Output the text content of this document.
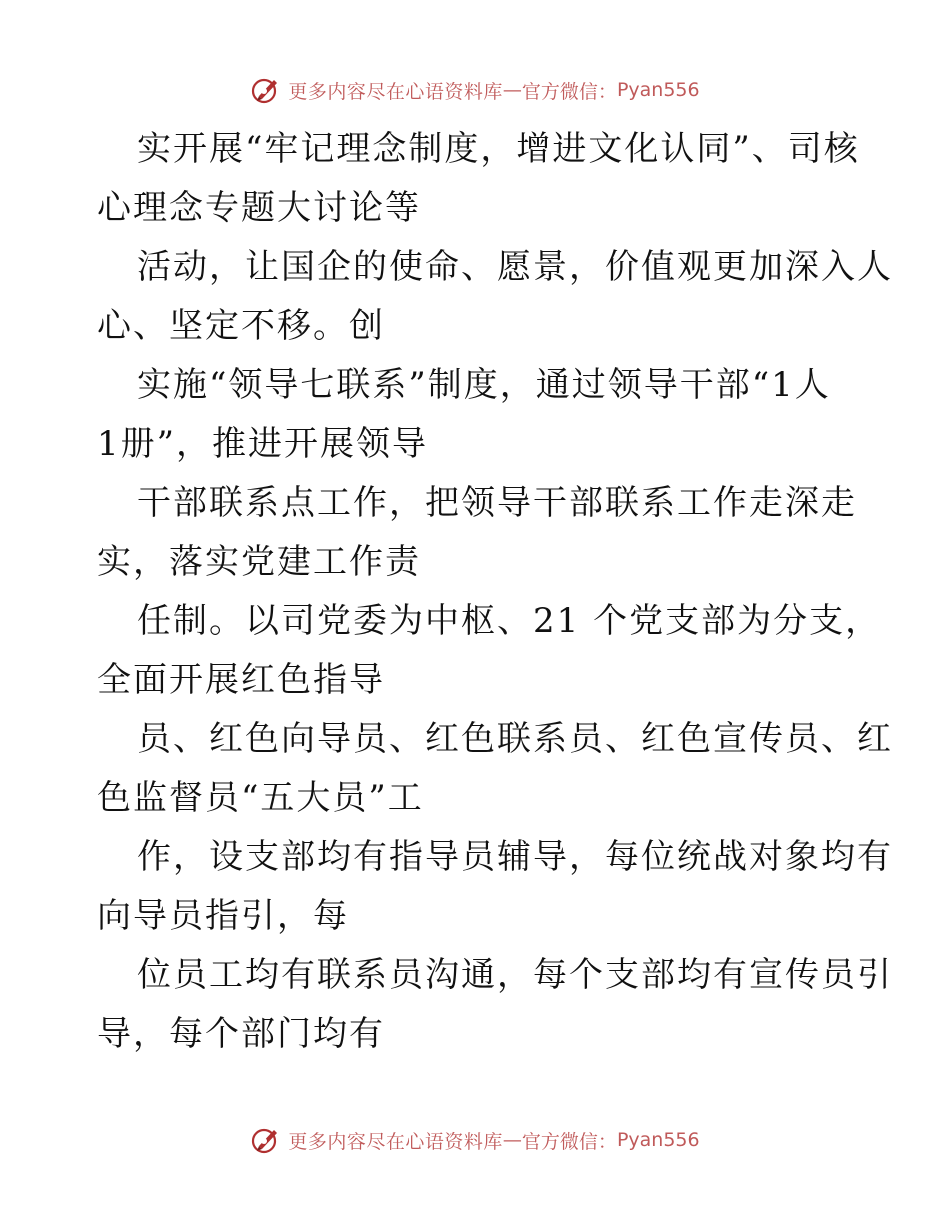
更多内容尽在心语资料库 — 官方微信： Pyan556
实开展“牢记理念制度，增进文化认同”、司核
心理念专题大讨论等
活动，让国企的使命、愿景，价值观更加深入人
心、坚定不移。创
实施“领导七联系”制度，通过领导干部“1人
1册”，推进开展领导
干部联系点工作，把领导干部联系工作走深走
实，落实党建工作责
任制。以司党委为中枢、21 个党支部为分支，
全面开展红色指导
员、红色向导员、红色联系员、红色宣传员、红
色监督员“五大员”工
作，设支部均有指导员辅导，每位统战对象均有
向导员指引，每
位员工均有联系员沟通，每个支部均有宣传员引
导，每个部门均有
更多内容尽在心语资料库 — 官方微信： Pyan556
